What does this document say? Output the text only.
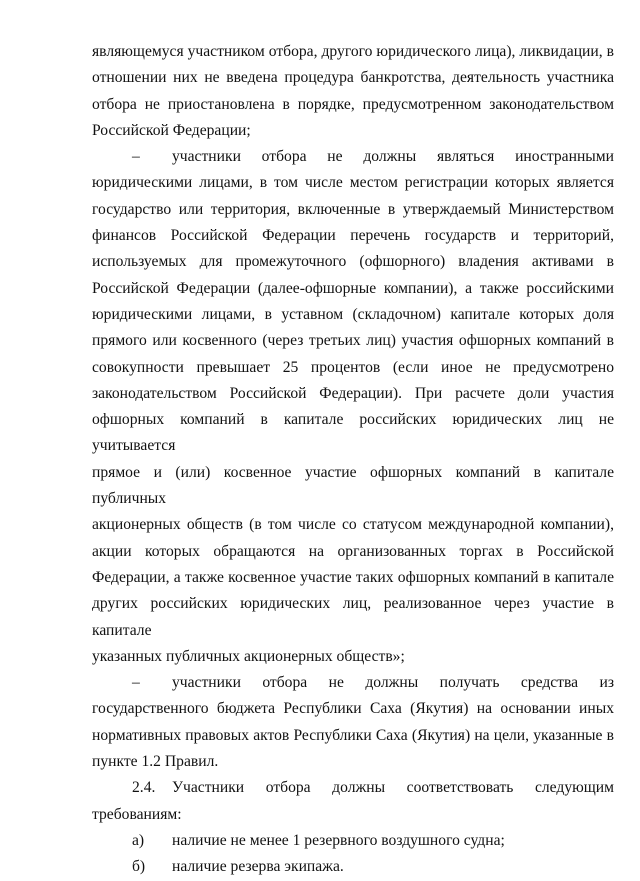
являющемуся участником отбора, другого юридического лица), ликвидации, в
отношении них не введена процедура банкротства, деятельность участника
отбора не приостановлена в порядке, предусмотренном законодательством
Российской Федерации;
–	участники отбора не должны являться иностранными
юридическими лицами, в том числе местом регистрации которых является
государство или территория, включенные в утверждаемый Министерством
финансов Российской Федерации перечень государств и территорий,
используемых для промежуточного (офшорного) владения активами в
Российской Федерации (далее-офшорные компании), а также российскими
юридическими лицами, в уставном (складочном) капитале которых доля
прямого или косвенного (через третьих лиц) участия офшорных компаний в
совокупности превышает 25 процентов (если иное не предусмотрено
законодательством Российской Федерации). При расчете доли участия
офшорных компаний в капитале российских юридических лиц не учитывается
прямое и (или) косвенное участие офшорных компаний в капитале публичных
акционерных обществ (в том числе со статусом международной компании),
акции которых обращаются на организованных торгах в Российской
Федерации, а также косвенное участие таких офшорных компаний в капитале
других российских юридических лиц, реализованное через участие в капитале
указанных публичных акционерных обществ»;
–	участники отбора не должны получать средства из
государственного бюджета Республики Саха (Якутия) на основании иных
нормативных правовых актов Республики Саха (Якутия) на цели, указанные в
пункте 1.2 Правил.
2.4.	Участники отбора должны соответствовать следующим
требованиям:
а)	наличие не менее 1 резервного воздушного судна;
б)	наличие резерва экипажа.
